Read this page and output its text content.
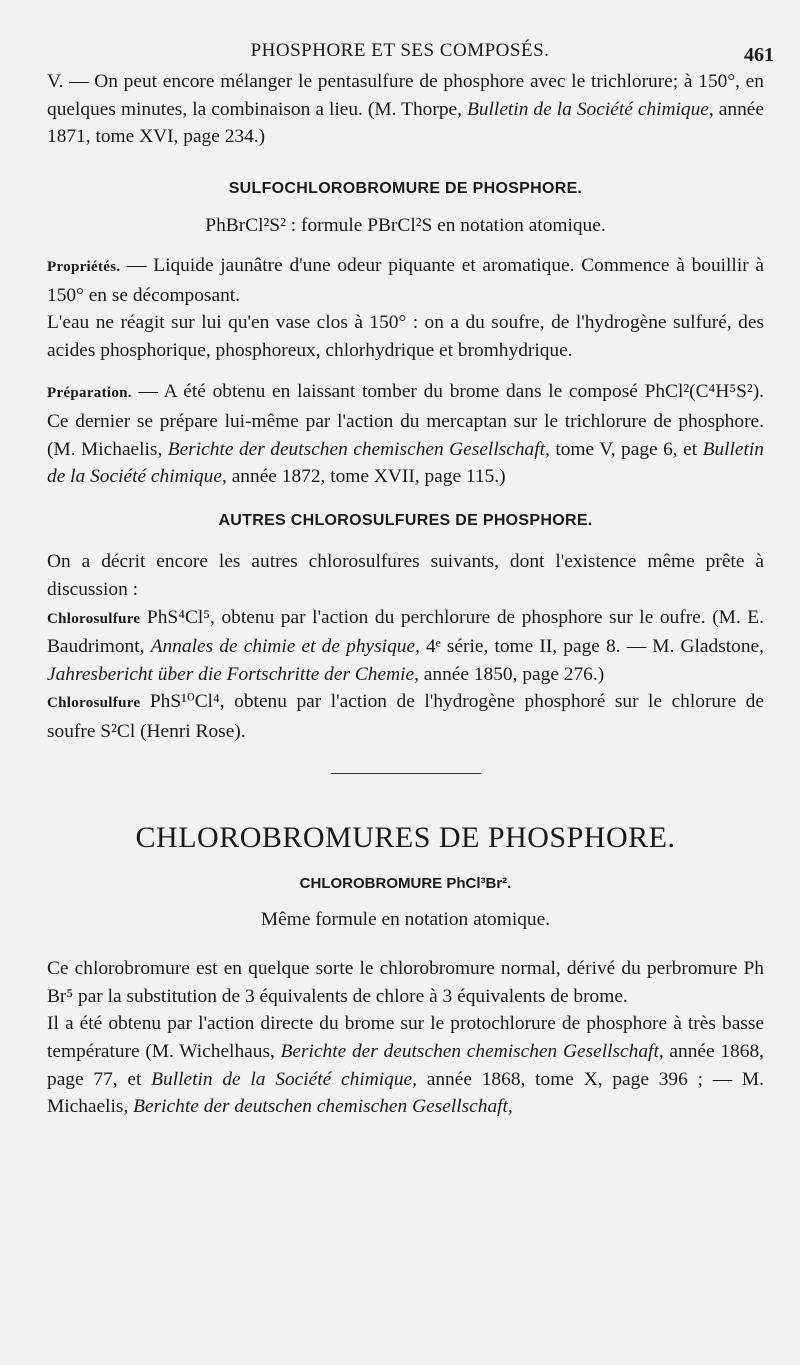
PHOSPHORE ET SES COMPOSÉS.	461

V. — On peut encore mélanger le pentasulfure de phosphore avec le trichlorure; à 150°, en quelques minutes, la combinaison a lieu. (M. Thorpe, Bulletin de la Société chimique, année 1871, tome XVI, page 234.)

SULFOCHLOROBROMURE DE PHOSPHORE.
PhBrCl²S² : formule PBrCl²S en notation atomique.

Propriétés. — Liquide jaunâtre d'une odeur piquante et aromatique. Commence à bouillir à 150° en se décomposant.

L'eau ne réagit sur lui qu'en vase clos à 150° : on a du soufre, de l'hydrogène sulfuré, des acides phosphorique, phosphoreux, chlorhydrique et bromhydrique.

Préparation. — A été obtenu en laissant tomber du brome dans le composé PhCl²(C⁴H⁵S²). Ce dernier se prépare lui-même par l'action du mercaptan sur le trichlorure de phosphore. (M. Michaelis, Berichte der deutschen chemischen Gesellschaft, tome V, page 6, et Bulletin de la Société chimique, année 1872, tome XVII, page 115.)

AUTRES CHLOROSULFURES DE PHOSPHORE.

On a décrit encore les autres chlorosulfures suivants, dont l'existence même prête à discussion :

Chlorosulfure PhS⁴Cl⁵, obtenu par l'action du perchlorure de phosphore sur le oufre. (M. E. Baudrimont, Annales de chimie et de physique, 4ᵉ série, tome II, page 8. — M. Gladstone, Jahresbericht über die Fortschritte der Chemie, année 1850, page 276.)

Chlorosulfure PhS¹⁰Cl⁴, obtenu par l'action de l'hydrogène phosphoré sur le chlorure de soufre S²Cl (Henri Rose).

CHLOROBROMURES DE PHOSPHORE.
CHLOROBROMURE PhCl³Br².
Même formule en notation atomique.

Ce chlorobromure est en quelque sorte le chlorobromure normal, dérivé du perbromure Ph Br⁵ par la substitution de 3 équivalents de chlore à 3 équivalents de brome.

Il a été obtenu par l'action directe du brome sur le protochlorure de phosphore à très basse température (M. Wichelhaus, Berichte der deutschen chemischen Gesellschaft, année 1868, page 77, et Bulletin de la Société chimique, année 1868, tome X, page 396 ; — M. Michaelis, Berichte der deutschen chemischen Gesellschaft,
